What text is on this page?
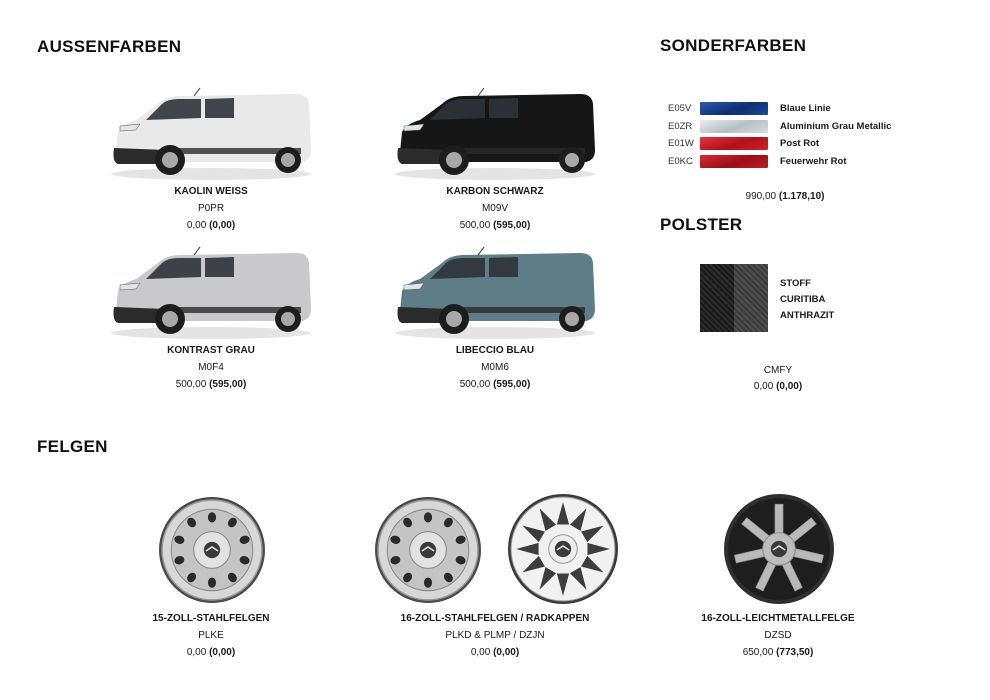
AUSSENFARBEN	SONDERFARBEN
POLSTER
FELGEN
KAOLIN WEISS
P0PR
0,00 (0,00)
KARBON SCHWARZ
M09V
500,00 (595,00)
KONTRAST GRAU
M0F4
500,00 (595,00)
LIBECCIO BLAU
M0M6
500,00 (595,00)
E05V	Blaue Linie
E0ZR	Aluminium Grau Metallic
E01W	Post Rot
E0KC	Feuerwehr Rot
990,00 (1.178,10)
STOFF
CURITIBA
ANTHRAZIT
CMFY
0,00 (0,00)
15-ZOLL-STAHLFELGEN
PLKE
0,00 (0,00)
16-ZOLL-STAHLFELGEN / RADKAPPEN
PLKD & PLMP / DZJN
0,00 (0,00)
16-ZOLL-LEICHTMETALLFELGE
DZSD
650,00 (773,50)
